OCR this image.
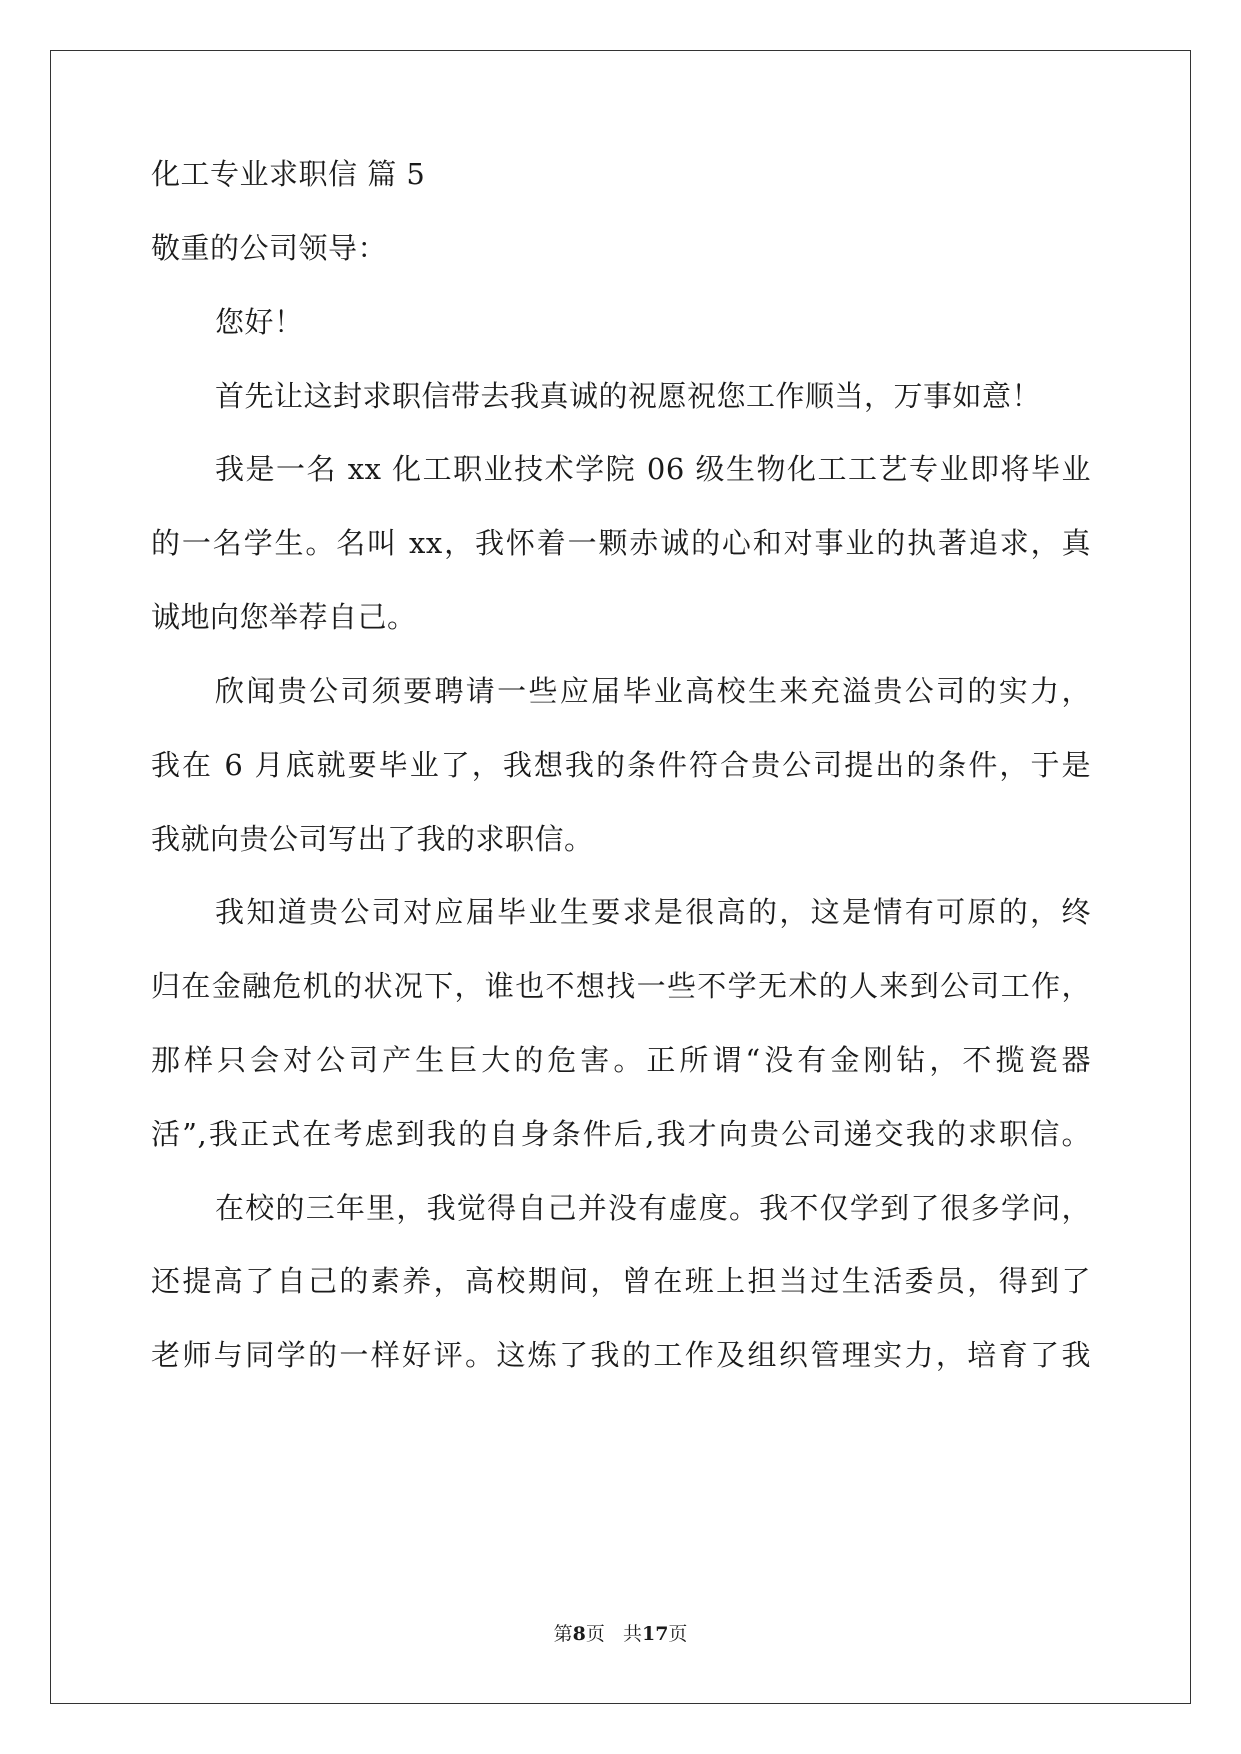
化工专业求职信 篇 5
敬重的公司领导：
您好！
首先让这封求职信带去我真诚的祝愿祝您工作顺当，万事如意！
我是一名 xx 化工职业技术学院 06 级生物化工工艺专业即将毕业
的一名学生。名叫 xx，我怀着一颗赤诚的心和对事业的执著追求，真
诚地向您举荐自己。
欣闻贵公司须要聘请一些应届毕业高校生来充溢贵公司的实力，
我在 6 月底就要毕业了，我想我的条件符合贵公司提出的条件，于是
我就向贵公司写出了我的求职信。
我知道贵公司对应届毕业生要求是很高的，这是情有可原的，终
归在金融危机的状况下，谁也不想找一些不学无术的人来到公司工作，
那样只会对公司产生巨大的危害。正所谓“没有金刚钻，不揽瓷器
活”,我正式在考虑到我的自身条件后,我才向贵公司递交我的求职信。
在校的三年里，我觉得自己并没有虚度。我不仅学到了很多学问，
还提高了自己的素养，高校期间，曾在班上担当过生活委员，得到了
老师与同学的一样好评。这炼了我的工作及组织管理实力，培育了我
第8页 共17页
